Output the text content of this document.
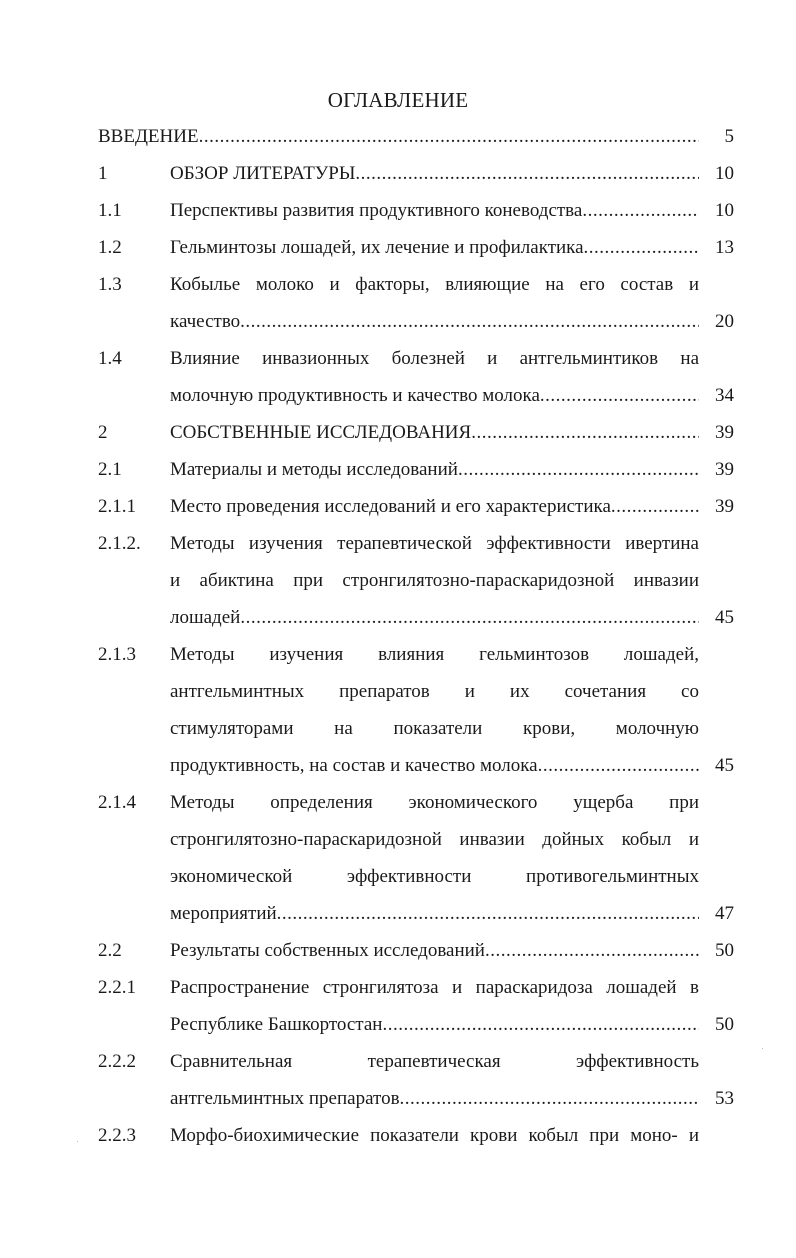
ОГЛАВЛЕНИЕ
ВВЕДЕНИЕ .....	5
1	ОБЗОР ЛИТЕРАТУРЫ .....	10
1.1	Перспективы развития продуктивного коневодства .....	10
1.2	Гельминтозы лошадей, их лечение и профилактика .....	13
1.3	Кобылье молоко и факторы, влияющие на его состав и
качество .....	20
1.4	Влияние инвазионных болезней и антгельминтиков на
молочную продуктивность и качество молока .....	34
2	СОБСТВЕННЫЕ ИССЛЕДОВАНИЯ .....	39
2.1	Материалы и методы исследований .....	39
2.1.1 Место проведения исследований и его характеристика .....	39
2.1.2. Методы изучения терапевтической эффективности ивертина
и абиктина при стронгилятозно-параскаридозной инвазии
лошадей .....	45
2.1.3 Методы изучения влияния гельминтозов лошадей,
антгельминтных препаратов и их сочетания со
стимуляторами на показатели крови, молочную
продуктивность, на состав и качество молока .....	45
2.1.4 Методы определения экономического ущерба при
стронгилятозно-параскаридозной инвазии дойных кобыл и
экономической эффективности противогельминтных
мероприятий .....	47
2.2	Результаты собственных исследований .....	50
2.2.1 Распространение стронгилятоза и параскаридоза лошадей в
Республике Башкортостан .....	50
2.2.2 Сравнительная терапевтическая эффективность
антгельминтных препаратов .....	53
2.2.3 Морфо-биохимические показатели крови кобыл при моно- и
